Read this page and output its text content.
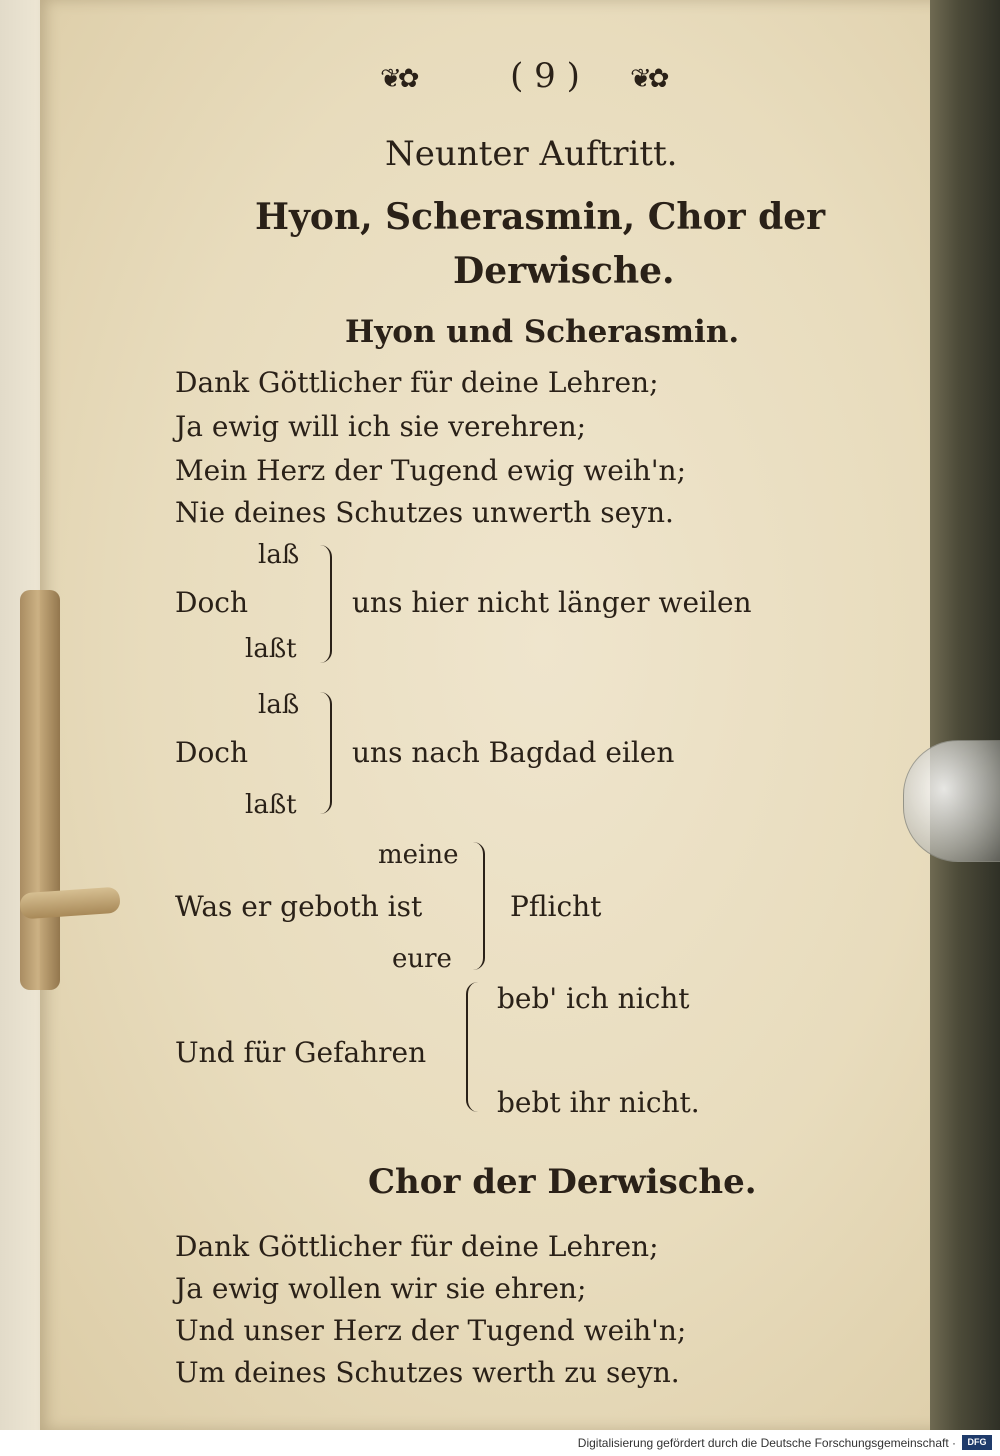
❦✿	( 9 )	❦✿
Neunter Auftritt.
Hyon, Scherasmin, Chor der
Derwische.
Hyon und Scherasmin.
Dank Göttlicher für deine Lehren;
Ja ewig will ich sie verehren;
Mein Herz der Tugend ewig weih'n;
Nie deines Schutzes unwerth seyn.
laß
Doch
laßt
uns hier nicht länger weilen
laß
Doch
laßt
uns nach Bagdad eilen
meine
Was er geboth ist
eure
Pflicht
Und für Gefahren
beb' ich nicht
bebt ihr nicht.
Chor der Derwische.
Dank Göttlicher für deine Lehren;
Ja ewig wollen wir sie ehren;
Und unser Herz der Tugend weih'n;
Um deines Schutzes werth zu seyn.
Digitalisierung gefördert durch die Deutsche Forschungsgemeinschaft ·	DFG
